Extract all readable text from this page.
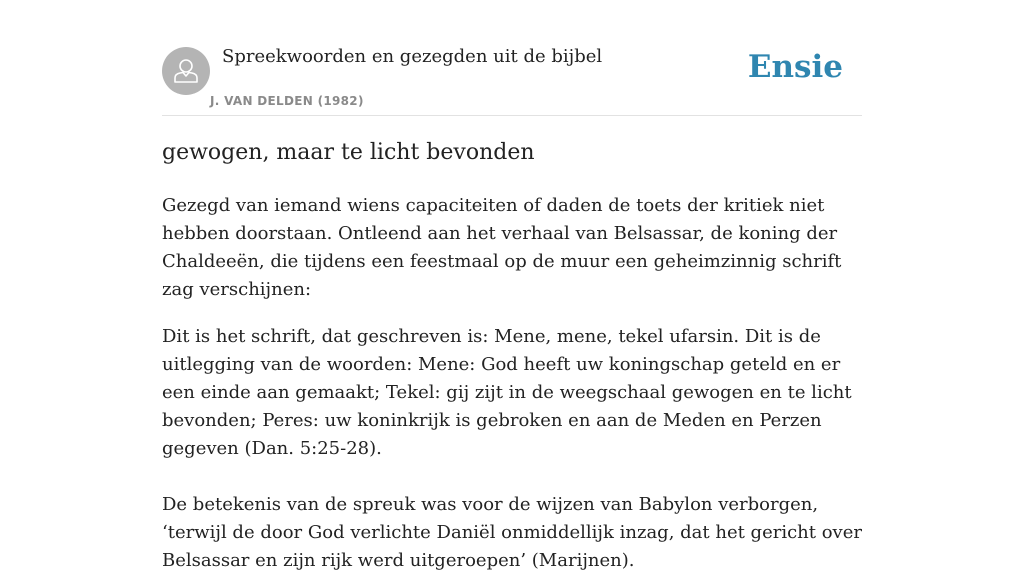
Spreekwoorden en gezegden uit de bijbel
J. VAN DELDEN (1982)
Ensie
gewogen, maar te licht bevonden

Gezegd van iemand wiens capaciteiten of daden de toets der kritiek niet hebben doorstaan. Ontleend aan het verhaal van Belsassar, de koning der Chaldeeën, die tijdens een feestmaal op de muur een geheimzinnig schrift zag verschijnen:

Dit is het schrift, dat geschreven is: Mene, mene, tekel ufarsin. Dit is de uitlegging van de woorden: Mene: God heeft uw koningschap geteld en er een einde aan gemaakt; Tekel: gij zijt in de weegschaal gewogen en te licht bevonden; Peres: uw koninkrijk is gebroken en aan de Meden en Perzen gegeven (Dan. 5:25-28).

De betekenis van de spreuk was voor de wijzen van Babylon verborgen, ‘terwijl de door God verlichte Daniël onmiddellijk inzag, dat het gericht over Belsassar en zijn rijk werd uitgeroepen’ (Marijnen).
